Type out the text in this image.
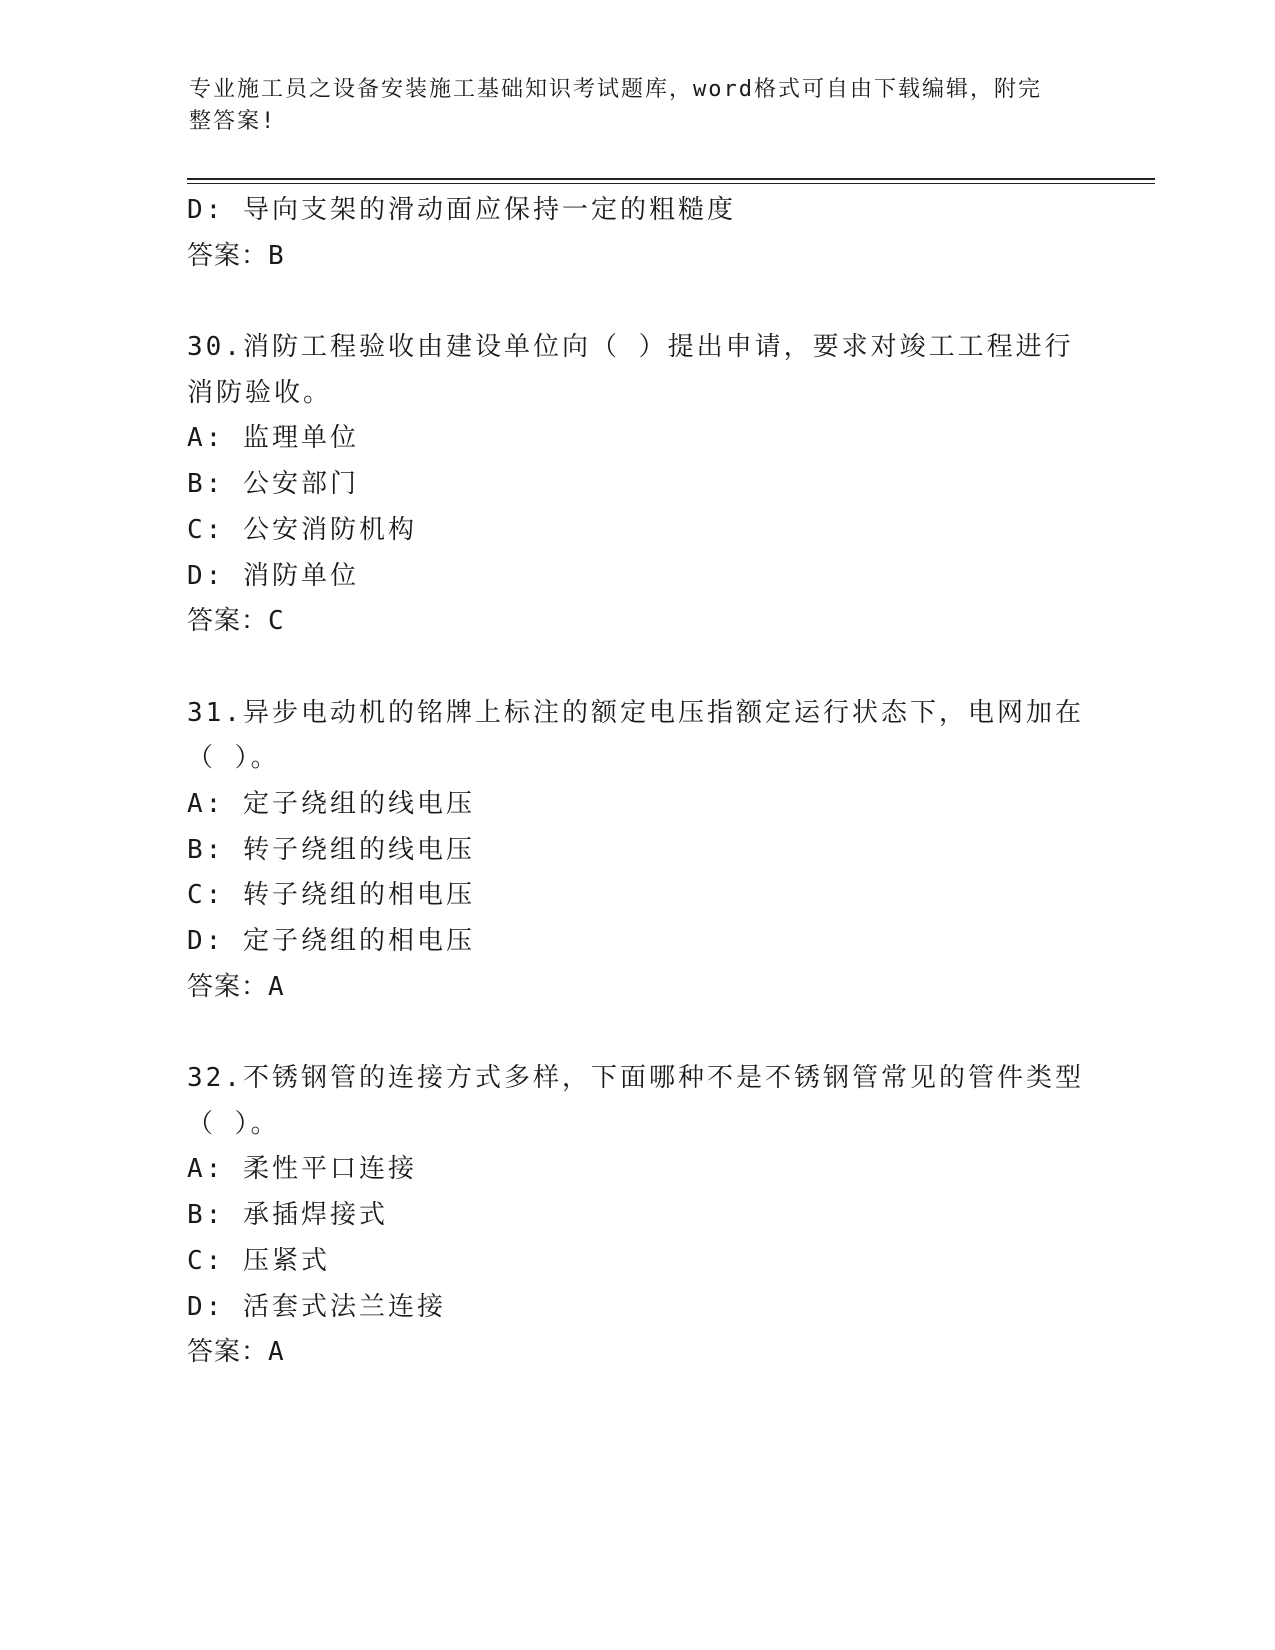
专业施工员之设备安装施工基础知识考试题库，word格式可自由下载编辑，附完
整答案!
D: 导向支架的滑动面应保持一定的粗糙度
答案：B
30.消防工程验收由建设单位向（ ）提出申请，要求对竣工工程进行
消防验收。
A: 监理单位
B: 公安部门
C: 公安消防机构
D: 消防单位
答案：C
31.异步电动机的铭牌上标注的额定电压指额定运行状态下，电网加在
（ ）。
A: 定子绕组的线电压
B: 转子绕组的线电压
C: 转子绕组的相电压
D: 定子绕组的相电压
答案：A
32.不锈钢管的连接方式多样，下面哪种不是不锈钢管常见的管件类型
（ ）。
A: 柔性平口连接
B: 承插焊接式
C: 压紧式
D: 活套式法兰连接
答案：A
